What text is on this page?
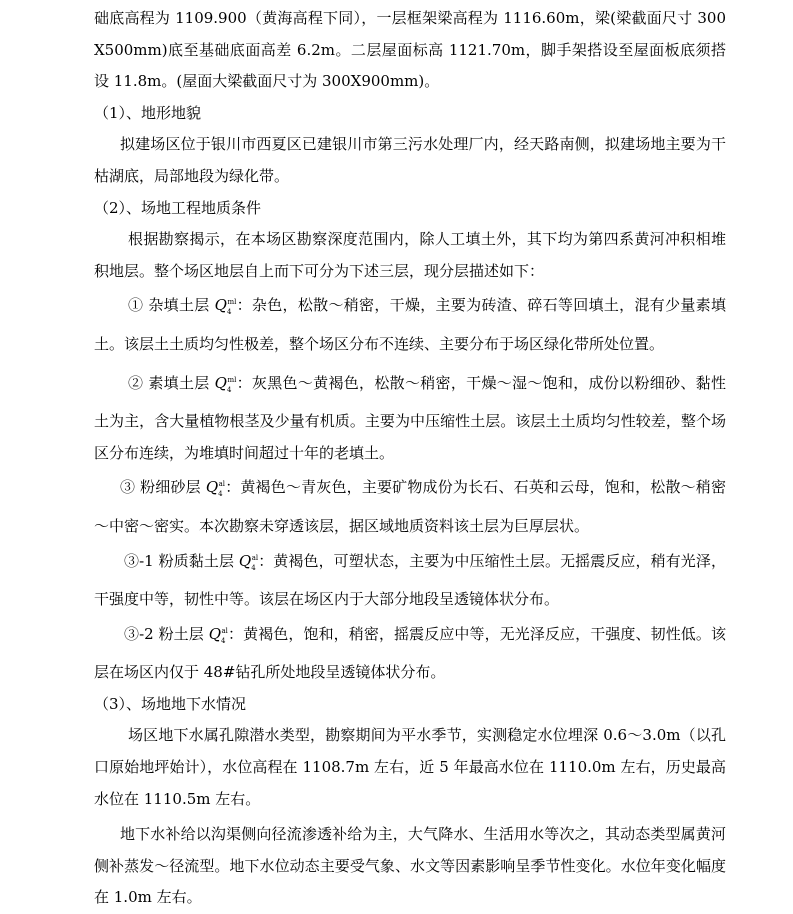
础底高程为 1109.900（黄海高程下同），一层框架梁高程为 1116.60m，梁(梁截面尺寸 300X500mm)底至基础底面高差 6.2m。二层屋面标高 1121.70m，脚手架搭设至屋面板底须搭设 11.8m。(屋面大梁截面尺寸为 300X900mm)。

（1）、地形地貌

拟建场区位于银川市西夏区已建银川市第三污水处理厂内，经天路南侧，拟建场地主要为干枯湖底，局部地段为绿化带。

（2）、场地工程地质条件

根据勘察揭示，在本场区勘察深度范围内，除人工填土外，其下均为第四系黄河冲积相堆积地层。整个场区地层自上而下可分为下述三层，现分层描述如下：

① 杂填土层 $Q_4^{ml}$：杂色，松散～稍密，干燥，主要为砖渣、碎石等回填土，混有少量素填土。该层土土质均匀性极差，整个场区分布不连续、主要分布于场区绿化带所处位置。

② 素填土层 $Q_4^{ml}$：灰黑色～黄褐色，松散～稍密，干燥～湿～饱和，成份以粉细砂、黏性土为主，含大量植物根茎及少量有机质。主要为中压缩性土层。该层土土质均匀性较差，整个场区分布连续，为堆填时间超过十年的老填土。

③ 粉细砂层 $Q_4^{al}$：黄褐色～青灰色，主要矿物成份为长石、石英和云母，饱和，松散～稍密～中密～密实。本次勘察未穿透该层，据区域地质资料该土层为巨厚层状。

③-1 粉质黏土层 $Q_4^{al}$：黄褐色，可塑状态，主要为中压缩性土层。无摇震反应，稍有光泽，干强度中等，韧性中等。该层在场区内于大部分地段呈透镜体状分布。

③-2 粉土层 $Q_4^{al}$：黄褐色，饱和，稍密，摇震反应中等，无光泽反应，干强度、韧性低。该层在场区内仅于 48#钻孔所处地段呈透镜体状分布。

（3）、场地地下水情况

场区地下水属孔隙潜水类型，勘察期间为平水季节，实测稳定水位埋深 0.6～3.0m（以孔口原始地坪始计），水位高程在 1108.7m 左右，近 5 年最高水位在 1110.0m 左右，历史最高水位在 1110.5m 左右。

地下水补给以沟渠侧向径流渗透补给为主，大气降水、生活用水等次之，其动态类型属黄河侧补蒸发～径流型。地下水位动态主要受气象、水文等因素影响呈季节性变化。水位年变化幅度在 1.0m 左右。
